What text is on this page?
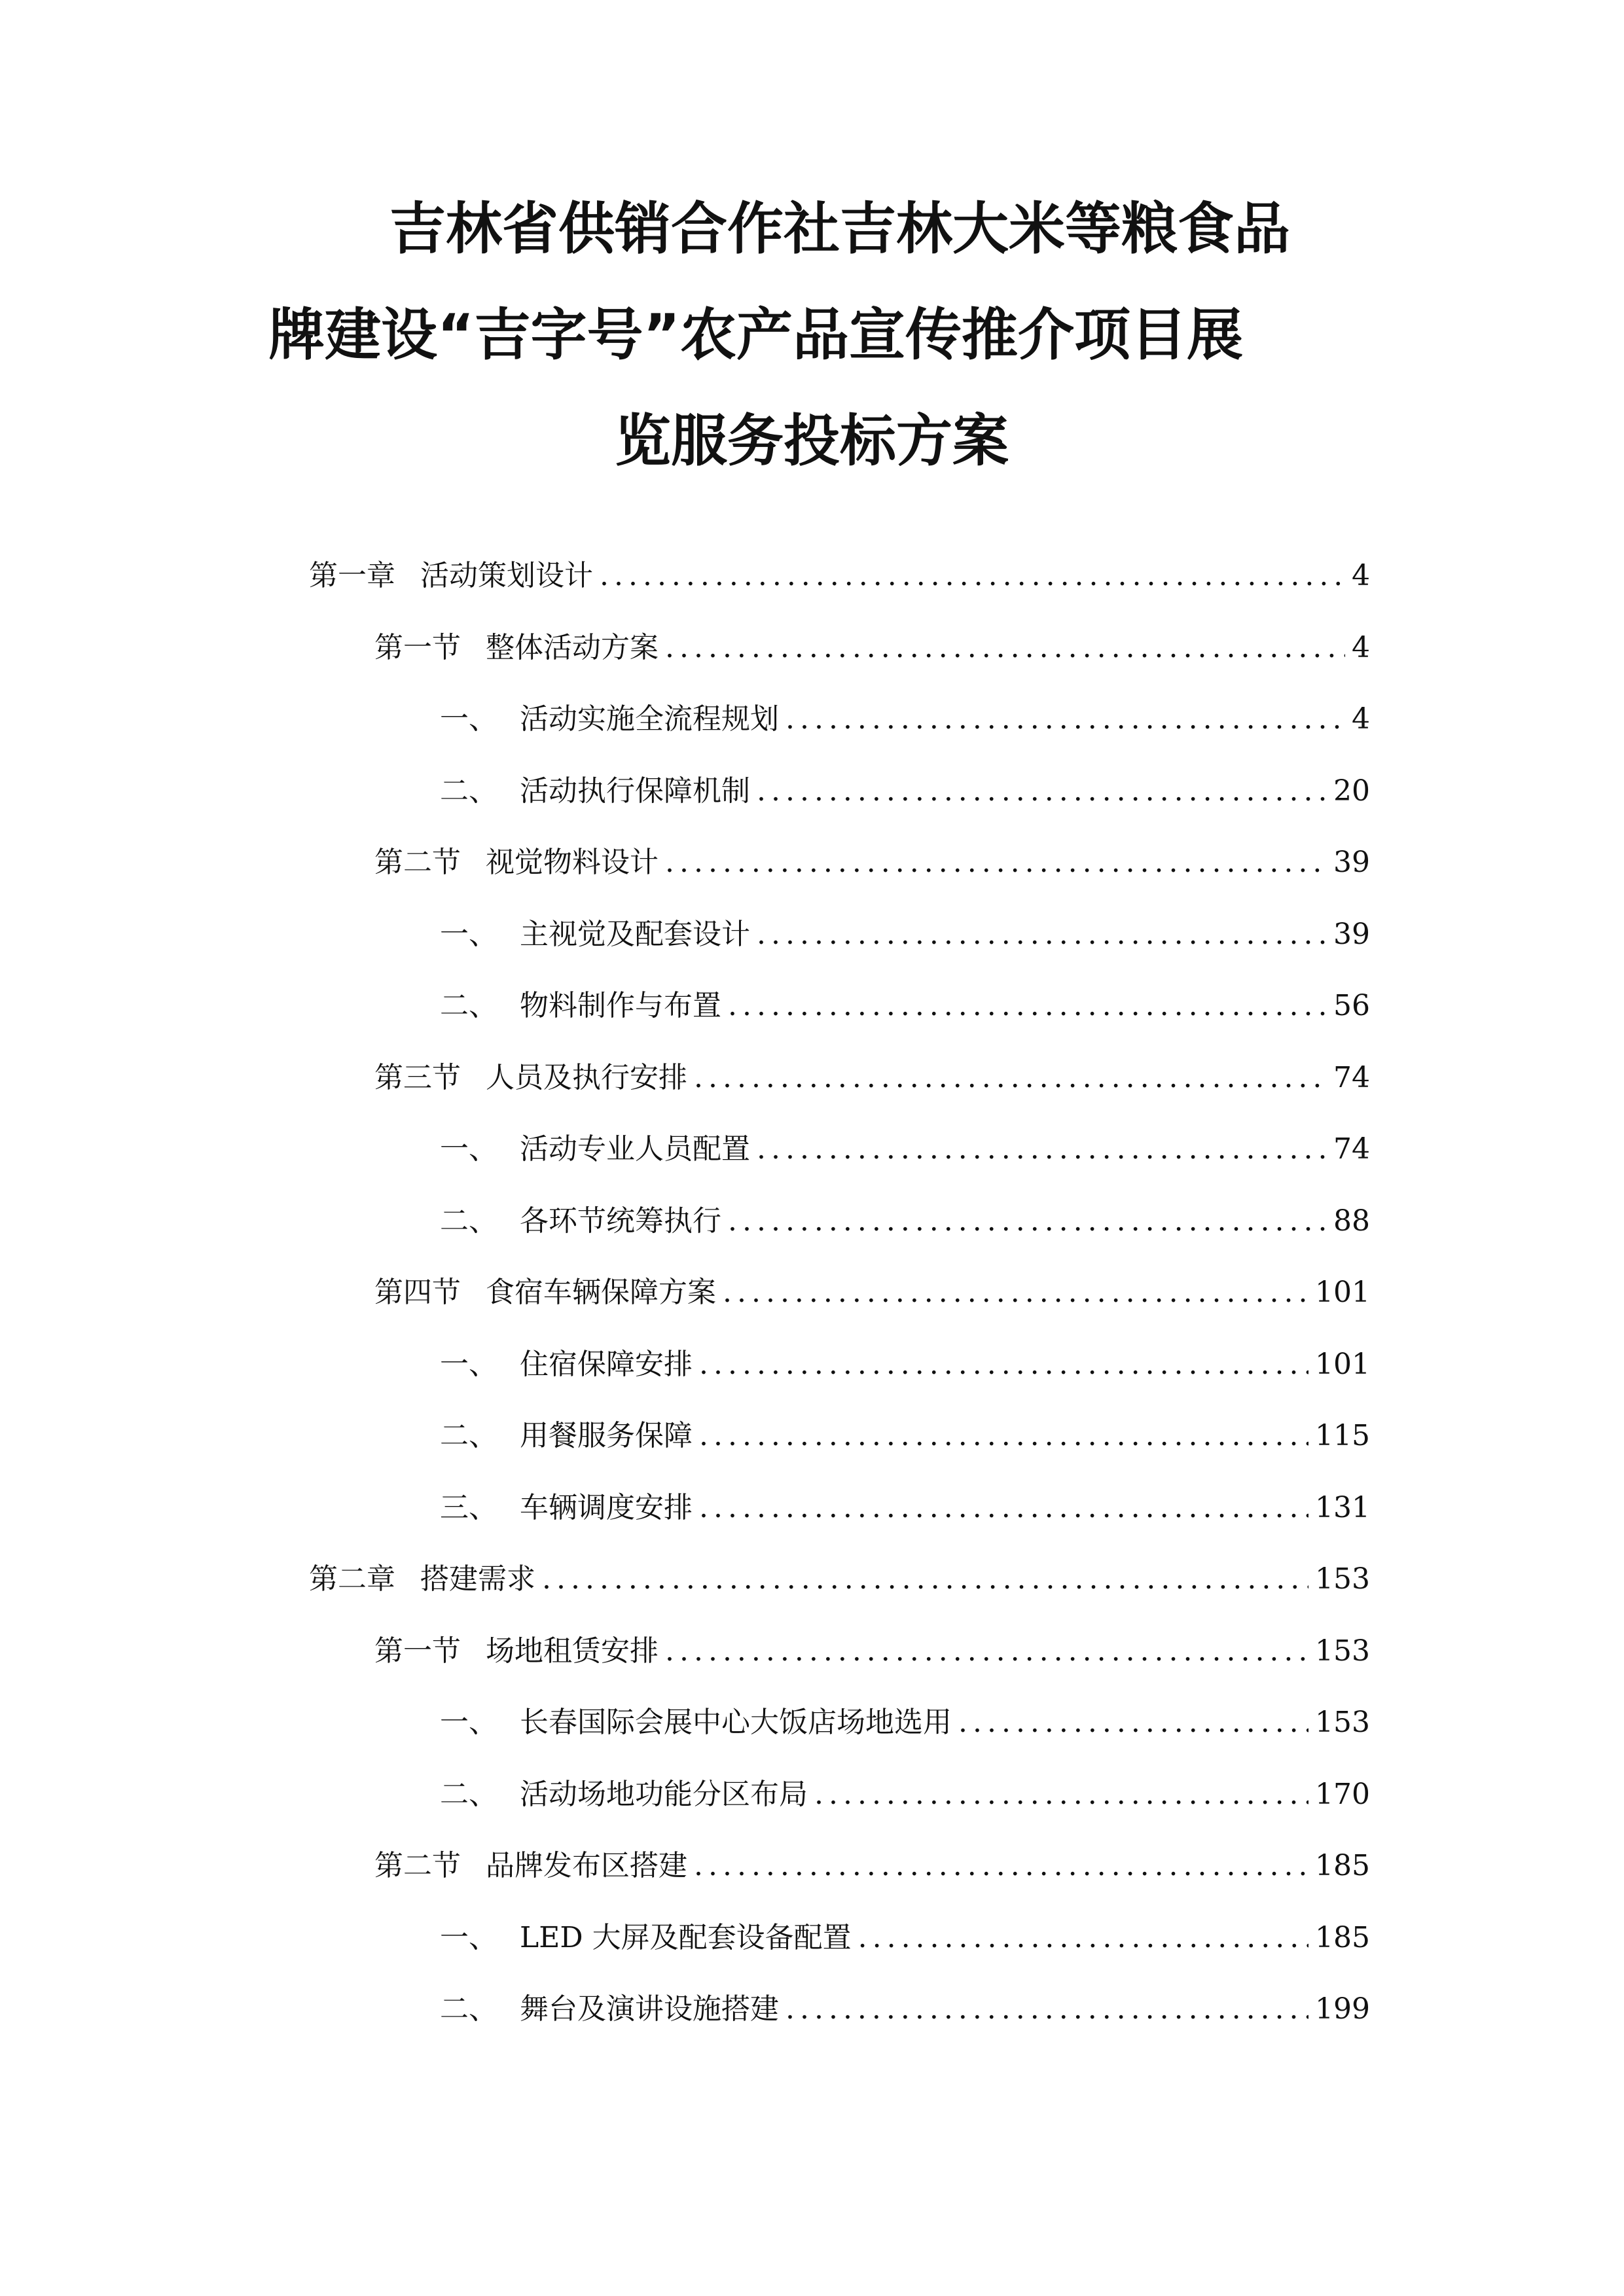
吉林省供销合作社吉林大米等粮食品
牌建设“吉字号”农产品宣传推介项目展
览服务投标方案
第一章 活动策划设计 .....	4
第一节 整体活动方案 .....	4
一、 活动实施全流程规划 .....	4
二、 活动执行保障机制 .....	20
第二节 视觉物料设计 .....	39
一、 主视觉及配套设计 .....	39
二、 物料制作与布置 .....	56
第三节 人员及执行安排 .....	74
一、 活动专业人员配置 .....	74
二、 各环节统筹执行 .....	88
第四节 食宿车辆保障方案 .....	101
一、 住宿保障安排 .....	101
二、 用餐服务保障 .....	115
三、 车辆调度安排 .....	131
第二章 搭建需求 .....	153
第一节 场地租赁安排 .....	153
一、 长春国际会展中心大饭店场地选用 .....	153
二、 活动场地功能分区布局 .....	170
第二节 品牌发布区搭建 .....	185
一、 LED 大屏及配套设备配置 .....	185
二、 舞台及演讲设施搭建 .....	199
